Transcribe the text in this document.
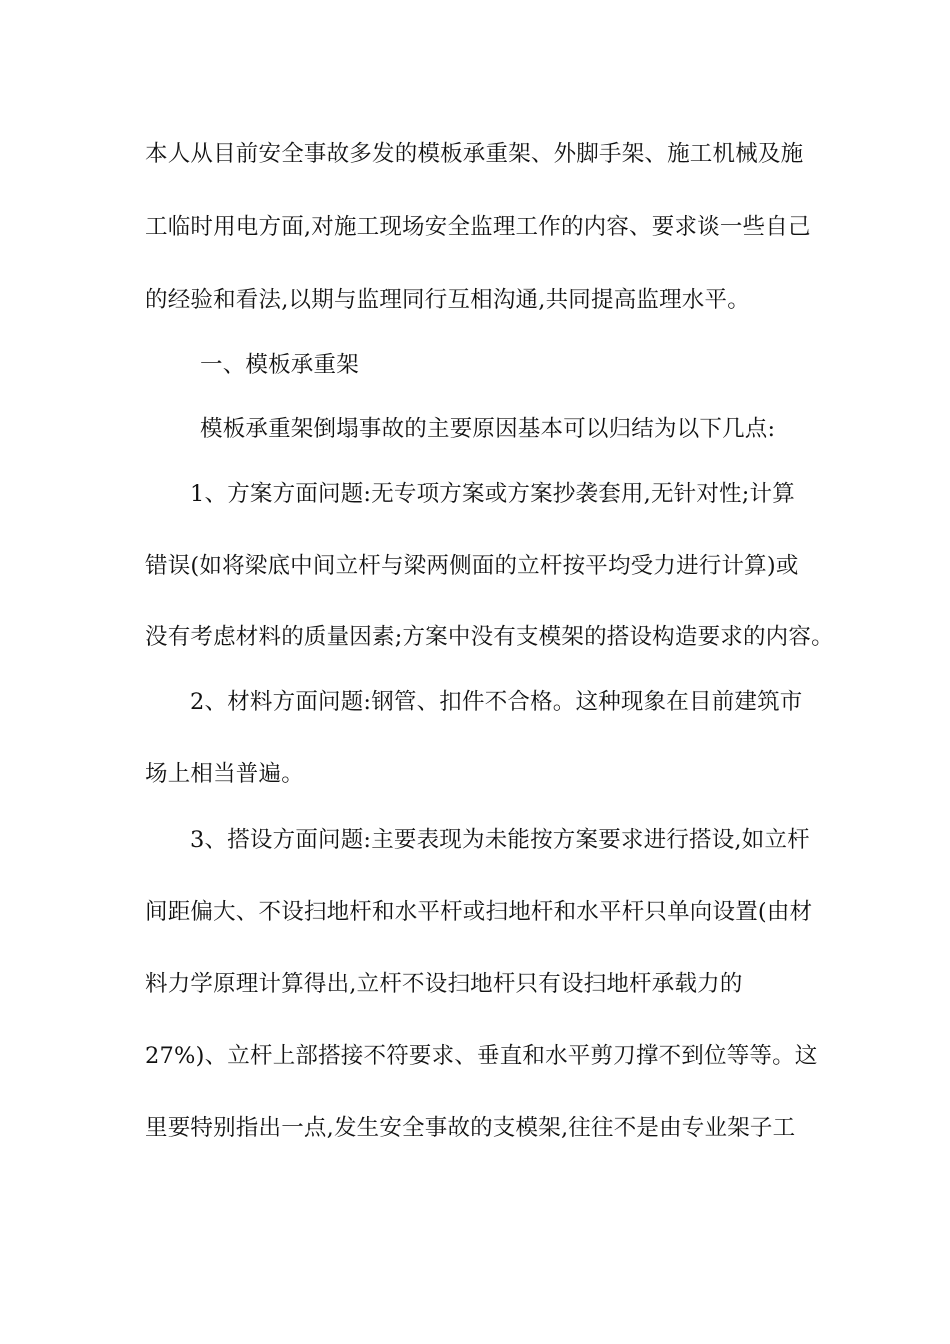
本人从目前安全事故多发的模板承重架、外脚手架、施工机械及施
工临时用电方面,对施工现场安全监理工作的内容、要求谈一些自己
的经验和看法,以期与监理同行互相沟通,共同提高监理水平。
一、模板承重架
模板承重架倒塌事故的主要原因基本可以归结为以下几点:
1、方案方面问题:无专项方案或方案抄袭套用,无针对性;计算
错误(如将梁底中间立杆与梁两侧面的立杆按平均受力进行计算)或
没有考虑材料的质量因素;方案中没有支模架的搭设构造要求的内容。
2、材料方面问题:钢管、扣件不合格。这种现象在目前建筑市
场上相当普遍。
3、搭设方面问题:主要表现为未能按方案要求进行搭设,如立杆
间距偏大、不设扫地杆和水平杆或扫地杆和水平杆只单向设置(由材
料力学原理计算得出,立杆不设扫地杆只有设扫地杆承载力的
27%)、立杆上部搭接不符要求、垂直和水平剪刀撑不到位等等。这
里要特别指出一点,发生安全事故的支模架,往往不是由专业架子工
